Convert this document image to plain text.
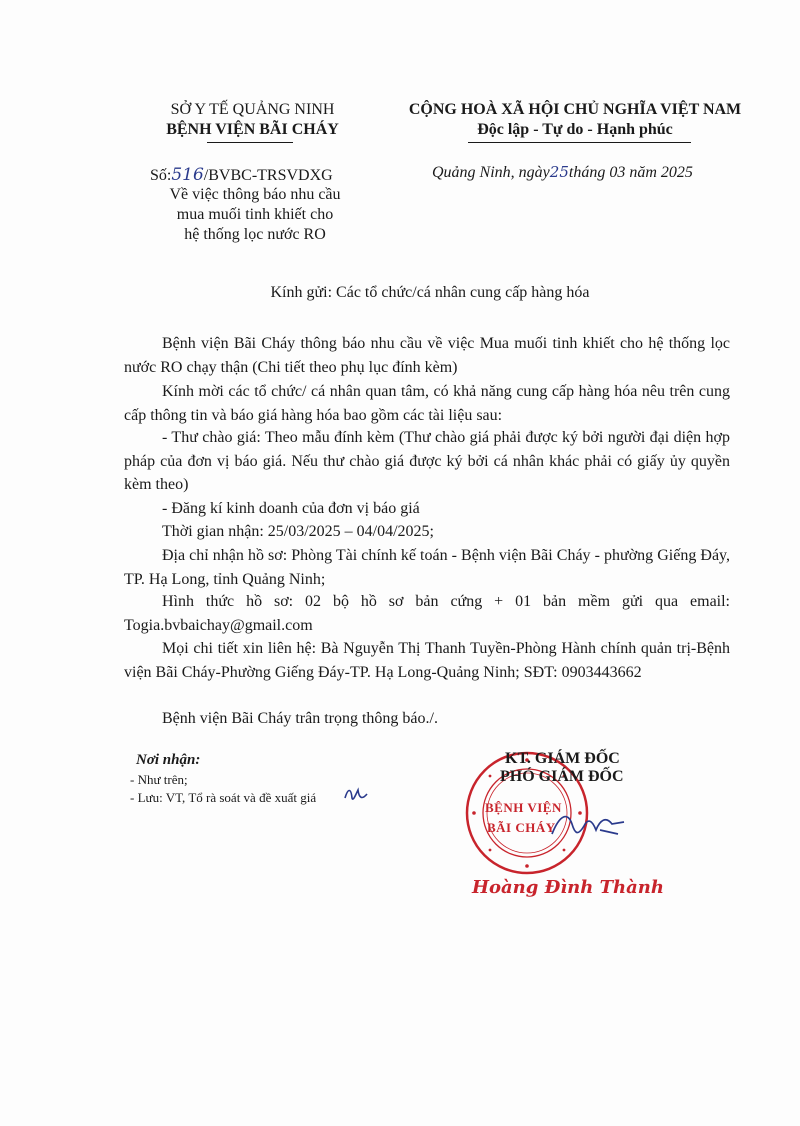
SỞ Y TẾ QUẢNG NINH
BỆNH VIỆN BÃI CHÁY
Số:516/BVBC-TRSVDXG
Về việc thông báo nhu cầu
mua muối tinh khiết cho
hệ thống lọc nước RO
CỘNG HOÀ XÃ HỘI CHỦ NGHĨA VIỆT NAM
Độc lập - Tự do - Hạnh phúc
Quảng Ninh, ngày25tháng 03 năm 2025
Kính gửi: Các tổ chức/cá nhân cung cấp hàng hóa
Bệnh viện Bãi Cháy thông báo nhu cầu về việc Mua muối tinh khiết cho hệ thống lọc nước RO chạy thận (Chi tiết theo phụ lục đính kèm)
Kính mời các tổ chức/ cá nhân quan tâm, có khả năng cung cấp hàng hóa nêu trên cung cấp thông tin và báo giá hàng hóa bao gồm các tài liệu sau:
- Thư chào giá: Theo mẫu đính kèm (Thư chào giá phải được ký bởi người đại diện hợp pháp của đơn vị báo giá. Nếu thư chào giá được ký bởi cá nhân khác phải có giấy ủy quyền kèm theo)
- Đăng kí kinh doanh của đơn vị báo giá
Thời gian nhận: 25/03/2025 – 04/04/2025;
Địa chỉ nhận hồ sơ: Phòng Tài chính kế toán - Bệnh viện Bãi Cháy - phường Giếng Đáy, TP. Hạ Long, tỉnh Quảng Ninh;
Hình thức hồ sơ: 02 bộ hồ sơ bản cứng + 01 bản mềm gửi qua email: Togia.bvbaichay@gmail.com
Mọi chi tiết xin liên hệ: Bà Nguyễn Thị Thanh Tuyền-Phòng Hành chính quản trị-Bệnh viện Bãi Cháy-Phường Giếng Đáy-TP. Hạ Long-Quảng Ninh; SĐT: 0903443662
Bệnh viện Bãi Cháy trân trọng thông báo./.
Nơi nhận:
- Như trên;
- Lưu: VT, Tổ rà soát và đề xuất giá
BỆNH VIỆN
BÃI CHÁY
KT. GIÁM ĐỐC
PHÓ GIÁM ĐỐC
Hoàng Đình Thành
